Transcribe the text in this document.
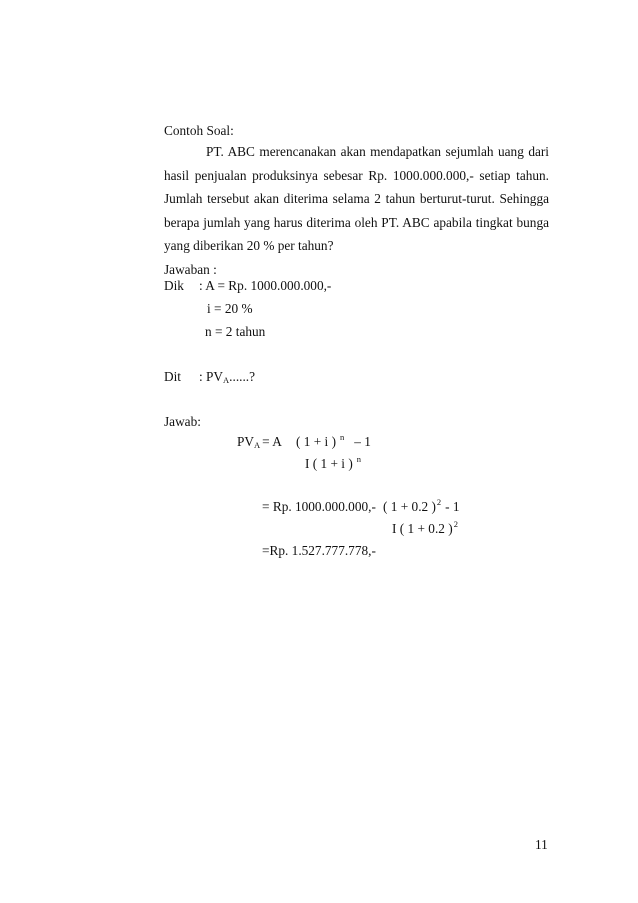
Contoh Soal:

PT. ABC merencanakan akan mendapatkan sejumlah uang dari hasil penjualan produksinya sebesar Rp. 1000.000.000,- setiap tahun. Jumlah tersebut akan diterima selama 2 tahun berturut-turut. Sehingga berapa jumlah yang harus diterima oleh PT. ABC apabila tingkat bunga yang diberikan 20 % per tahun?

Jawaban :
Dik : A = Rp. 1000.000.000,-
i = 20 %
n = 2 tahun
Dit : $PV_A$......?
Jawab:
$PV_A = A$ ( 1 + i ) $^n$ – 1
I ( 1 + i ) $^n$
= Rp. 1000.000.000,- ( 1 + 0.2 )$^2$ - 1
I ( 1 + 0.2 )$^2$
=Rp. 1.527.777.778,-
11
